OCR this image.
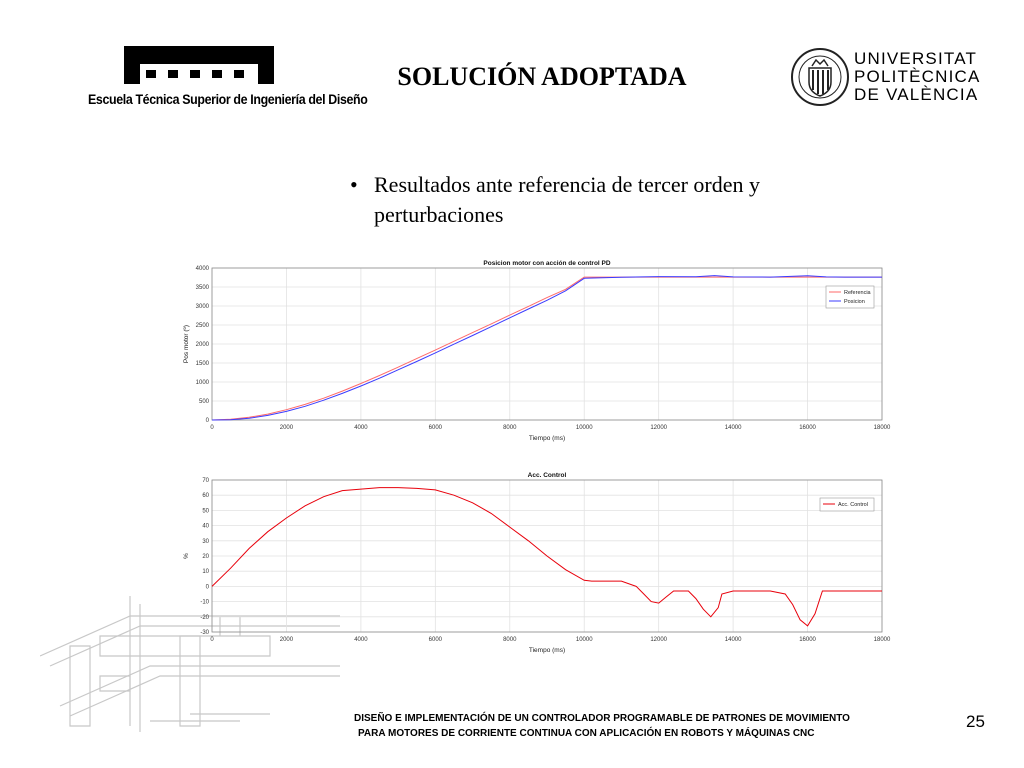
Escuela Técnica Superior de Ingeniería del Diseño
SOLUCIÓN ADOPTADA
UNIVERSITAT
POLITÈCNICA
DE VALÈNCIA
• Resultados ante referencia de tercer orden y perturbaciones
0	2000	4000	6000	8000	10000	12000	14000	16000	18000
0
500
1000
1500
2000
2500
3000
3500
4000
Posicion motor con acción de control PD
Tiempo (ms)
Pos motor (º)
Referencia
Posicion
0	2000	4000	6000	8000	10000	12000	14000	16000	18000
-30
-20
-10
0
10
20
30
40
50
60
70
Acc. Control
Tiempo (ms)
%
Acc. Control
DISEÑO E IMPLEMENTACIÓN DE UN CONTROLADOR PROGRAMABLE DE PATRONES DE MOVIMIENTO
PARA MOTORES DE CORRIENTE CONTINUA CON APLICACIÓN EN ROBOTS Y MÁQUINAS CNC
25
